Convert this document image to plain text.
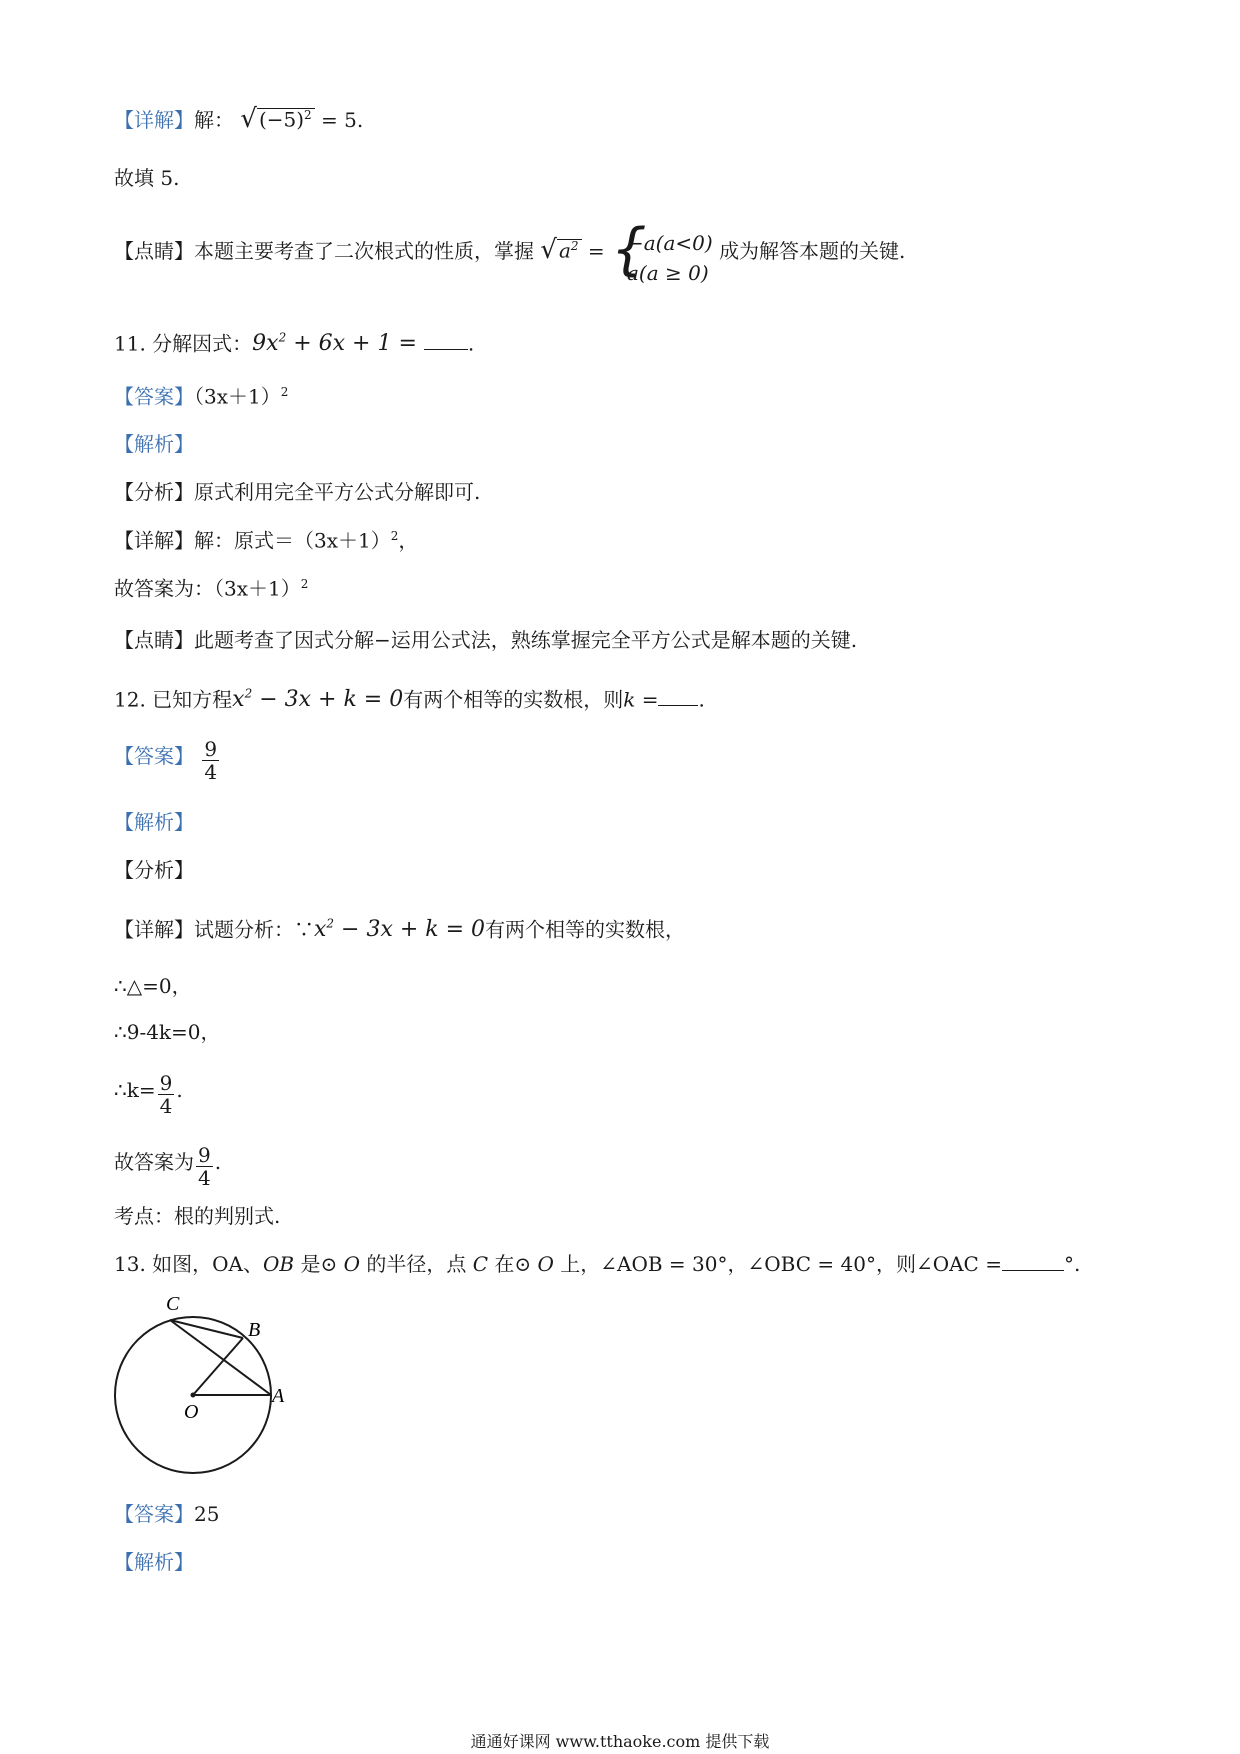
【详解】解： √ $(-5)^2 = 5$.
故填 5.
【点睛】本题主要考查了二次根式的性质，掌握 √ $a^2$ = {
−a(a<0)
a(a ≥ 0)
成为解答本题的关键.
11. 分解因式：$9x^2 + 6x + 1$ = .
【答案】$(3x+1)^2$
【解析】
【分析】原式利用完全平方公式分解即可.
【详解】解：原式$=(3x+1)^2$，
故答案为：$(3x+1)^2$
【点睛】此题考查了因式分解−运用公式法，熟练掌握完全平方公式是解本题的关键.
12. 已知方程$x^2 - 3x + k = 0$有两个相等的实数根，则k = .
【答案】 $\frac{9}{4}$
【解析】
【分析】
【详解】试题分析：$\because x^2 - 3x + k = 0$有两个相等的实数根，
∴△=0，
∴9-4k=0，
∴k= $\frac{9}{4}$ .
故答案为 $\frac{9}{4}$ .
考点：根的判别式.
13. 如图，OA、OB 是⊙ O 的半径，点 C 在⊙ O 上，∠AOB = 30°，∠OBC = 40°，则∠OAC =	°.
C
B
A
O
【答案】25
【解析】
通通好课网 www.tthaoke.com 提供下载
